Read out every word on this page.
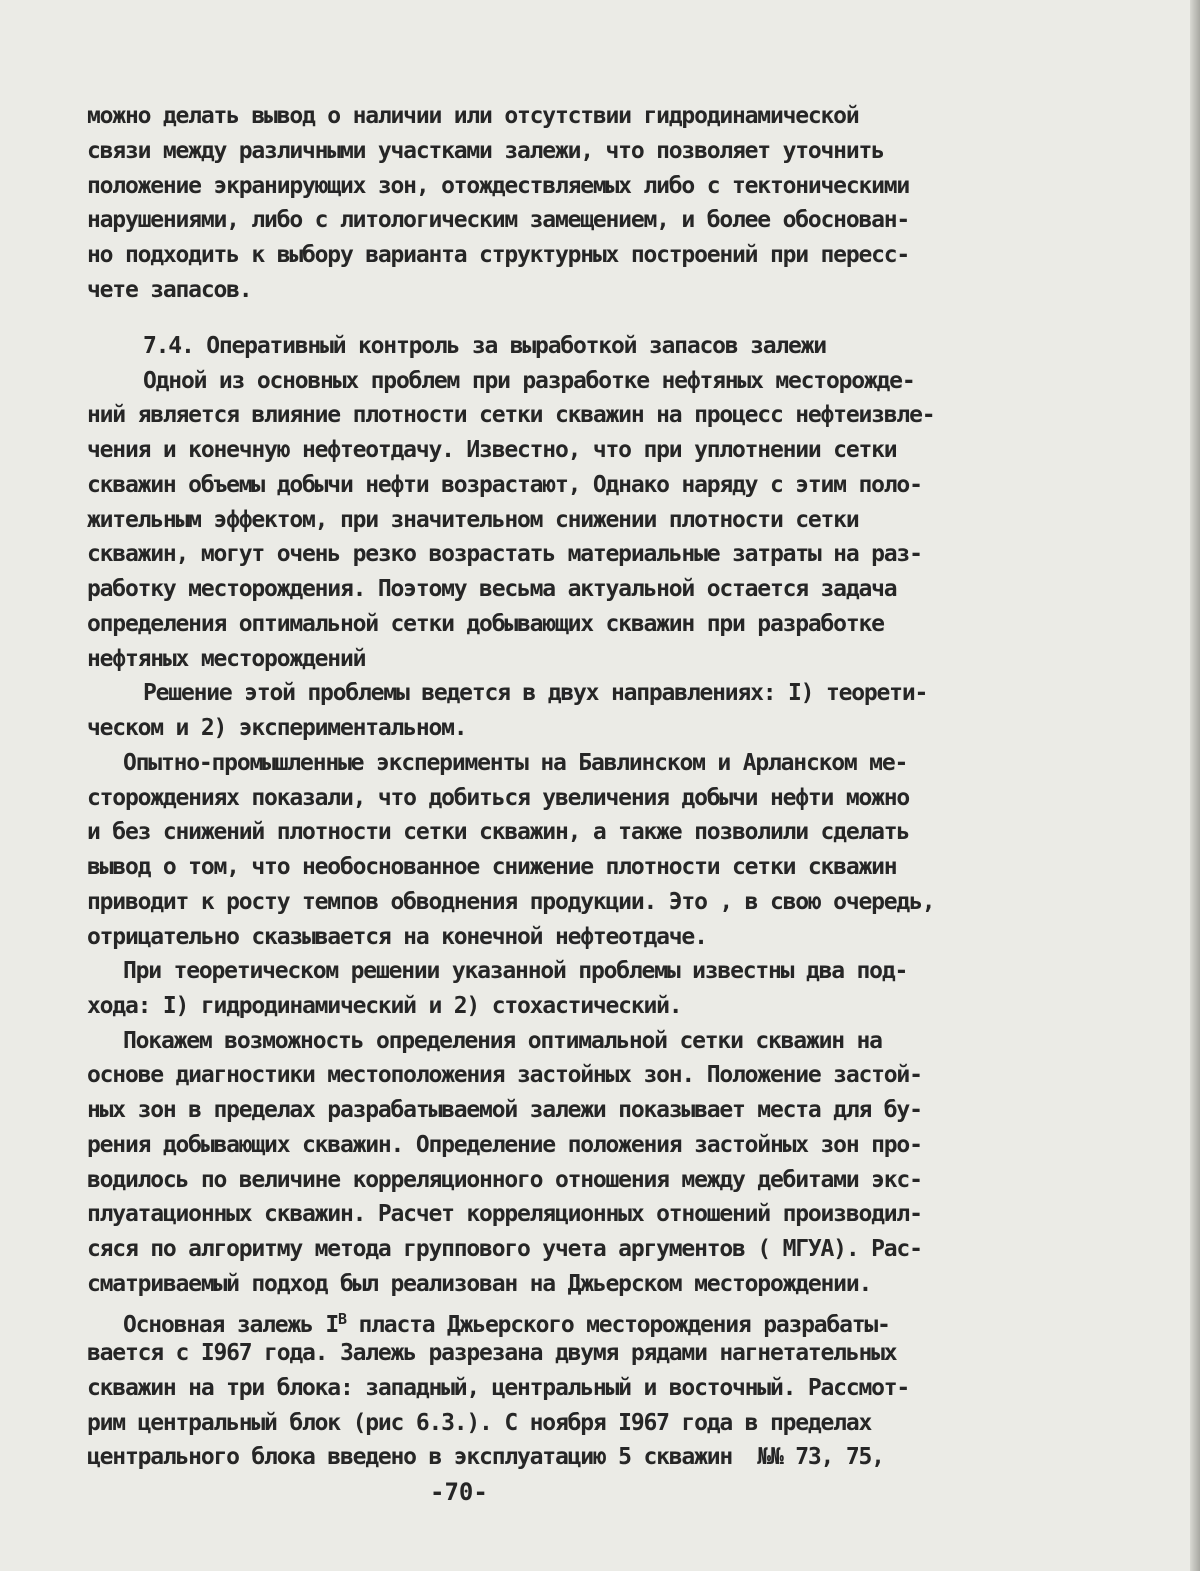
можно делать вывод о наличии или отсутствии гидродинамической

связи между различными участками залежи, что позволяет уточнить

положение экранирующих зон, отождествляемых либо с тектоническими

нарушениями, либо с литологическим замещением, и более обоснован-

но подходить к выбору варианта структурных построений при пересс-

чете запасов.

7.4. Оперативный контроль за выработкой запасов залежи

Одной из основных проблем при разработке нефтяных месторожде-

ний является влияние плотности сетки скважин на процесс нефтеизвле-

чения и конечную нефтеотдачу. Известно, что при уплотнении сетки

скважин объемы добычи нефти возрастают, Однако наряду с этим поло-

жительным эффектом, при значительном снижении плотности сетки

скважин, могут очень резко возрастать материальные затраты на раз-

работку месторождения. Поэтому весьма актуальной остается задача

определения оптимальной сетки добывающих скважин при разработке

нефтяных месторождений

Решение этой проблемы ведется в двух направлениях: I) теорети-

ческом и 2) экспериментальном.

Опытно-промышленные эксперименты на Бавлинском и Арланском ме-

сторождениях показали, что добиться увеличения добычи нефти можно

и без снижений плотности сетки скважин, а также позволили сделать

вывод о том, что необоснованное снижение плотности сетки скважин

приводит к росту темпов обводнения продукции. Это , в свою очередь,

отрицательно сказывается на конечной нефтеотдаче.

При теоретическом решении указанной проблемы известны два под-

хода: I) гидродинамический и 2) стохастический.

Покажем возможность определения оптимальной сетки скважин на

основе диагностики местоположения застойных зон. Положение застой-

ных зон в пределах разрабатываемой залежи показывает места для бу-

рения добывающих скважин. Определение положения застойных зон про-

водилось по величине корреляционного отношения между дебитами экс-

плуатационных скважин. Расчет корреляционных отношений производил-

сяся по алгоритму метода группового учета аргументов ( МГУА). Рас-

сматриваемый подход был реализован на Джьерском месторождении.

Основная залежь $I^В$ пласта Джьерского месторождения разрабаты-

вается с I967 года. Залежь разрезана двумя рядами нагнетательных

скважин на три блока: западный, центральный и восточный. Рассмот-

рим центральный блок (рис 6.3.). С ноября I967 года в пределах

центрального блока введено в эксплуатацию 5 скважин  №№ 73, 75,

-70-
